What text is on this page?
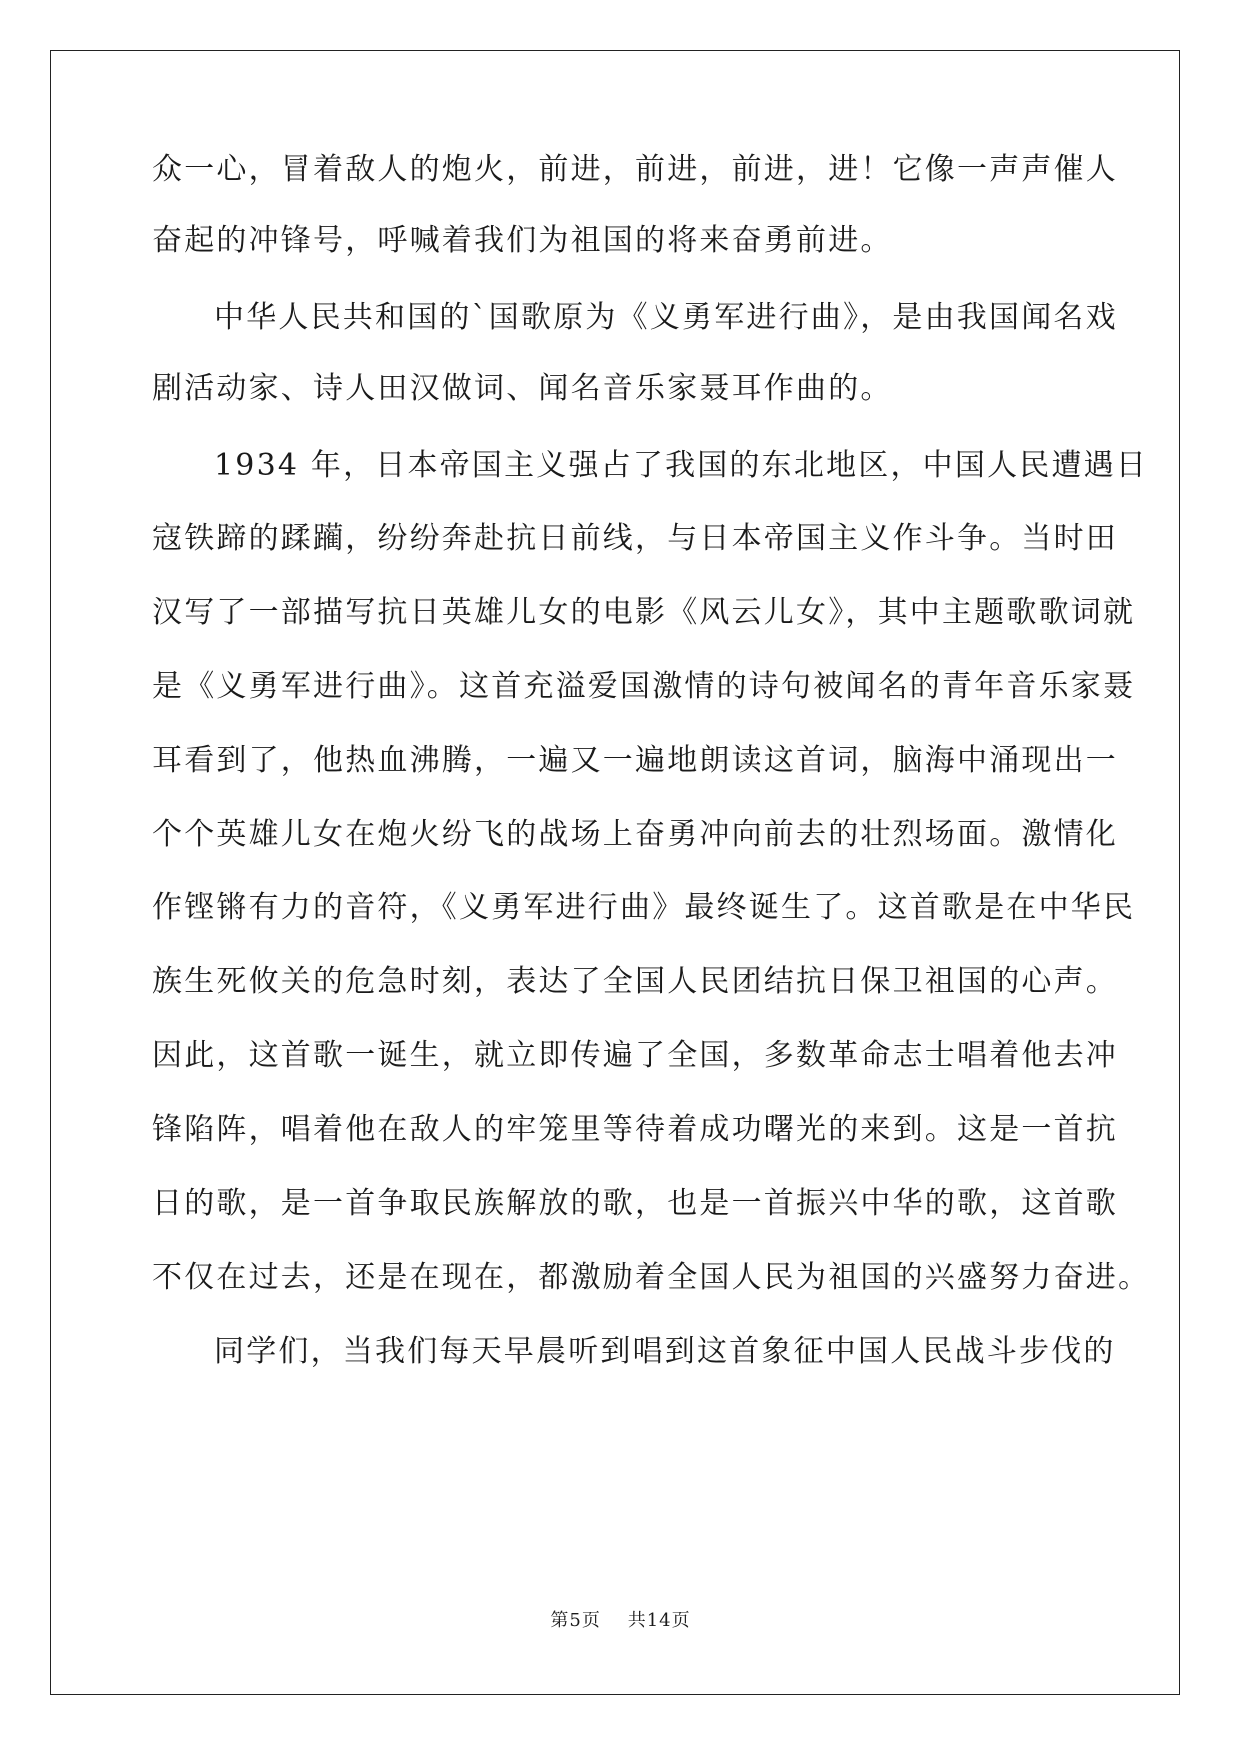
众一心，冒着敌人的炮火，前进，前进，前进，进！它像一声声催人
奋起的冲锋号，呼喊着我们为祖国的将来奋勇前进。
中华人民共和国的`国歌原为《义勇军进行曲》，是由我国闻名戏
剧活动家、诗人田汉做词、闻名音乐家聂耳作曲的。
1934 年，日本帝国主义强占了我国的东北地区，中国人民遭遇日
寇铁蹄的蹂躏，纷纷奔赴抗日前线，与日本帝国主义作斗争。当时田
汉写了一部描写抗日英雄儿女的电影《风云儿女》，其中主题歌歌词就
是《义勇军进行曲》。这首充溢爱国激情的诗句被闻名的青年音乐家聂
耳看到了，他热血沸腾，一遍又一遍地朗读这首词，脑海中涌现出一
个个英雄儿女在炮火纷飞的战场上奋勇冲向前去的壮烈场面。激情化
作铿锵有力的音符，《义勇军进行曲》最终诞生了。这首歌是在中华民
族生死攸关的危急时刻，表达了全国人民团结抗日保卫祖国的心声。
因此，这首歌一诞生，就立即传遍了全国，多数革命志士唱着他去冲
锋陷阵，唱着他在敌人的牢笼里等待着成功曙光的来到。这是一首抗
日的歌，是一首争取民族解放的歌，也是一首振兴中华的歌，这首歌
不仅在过去，还是在现在，都激励着全国人民为祖国的兴盛努力奋进。
同学们，当我们每天早晨听到唱到这首象征中国人民战斗步伐的
第5页    共14页
